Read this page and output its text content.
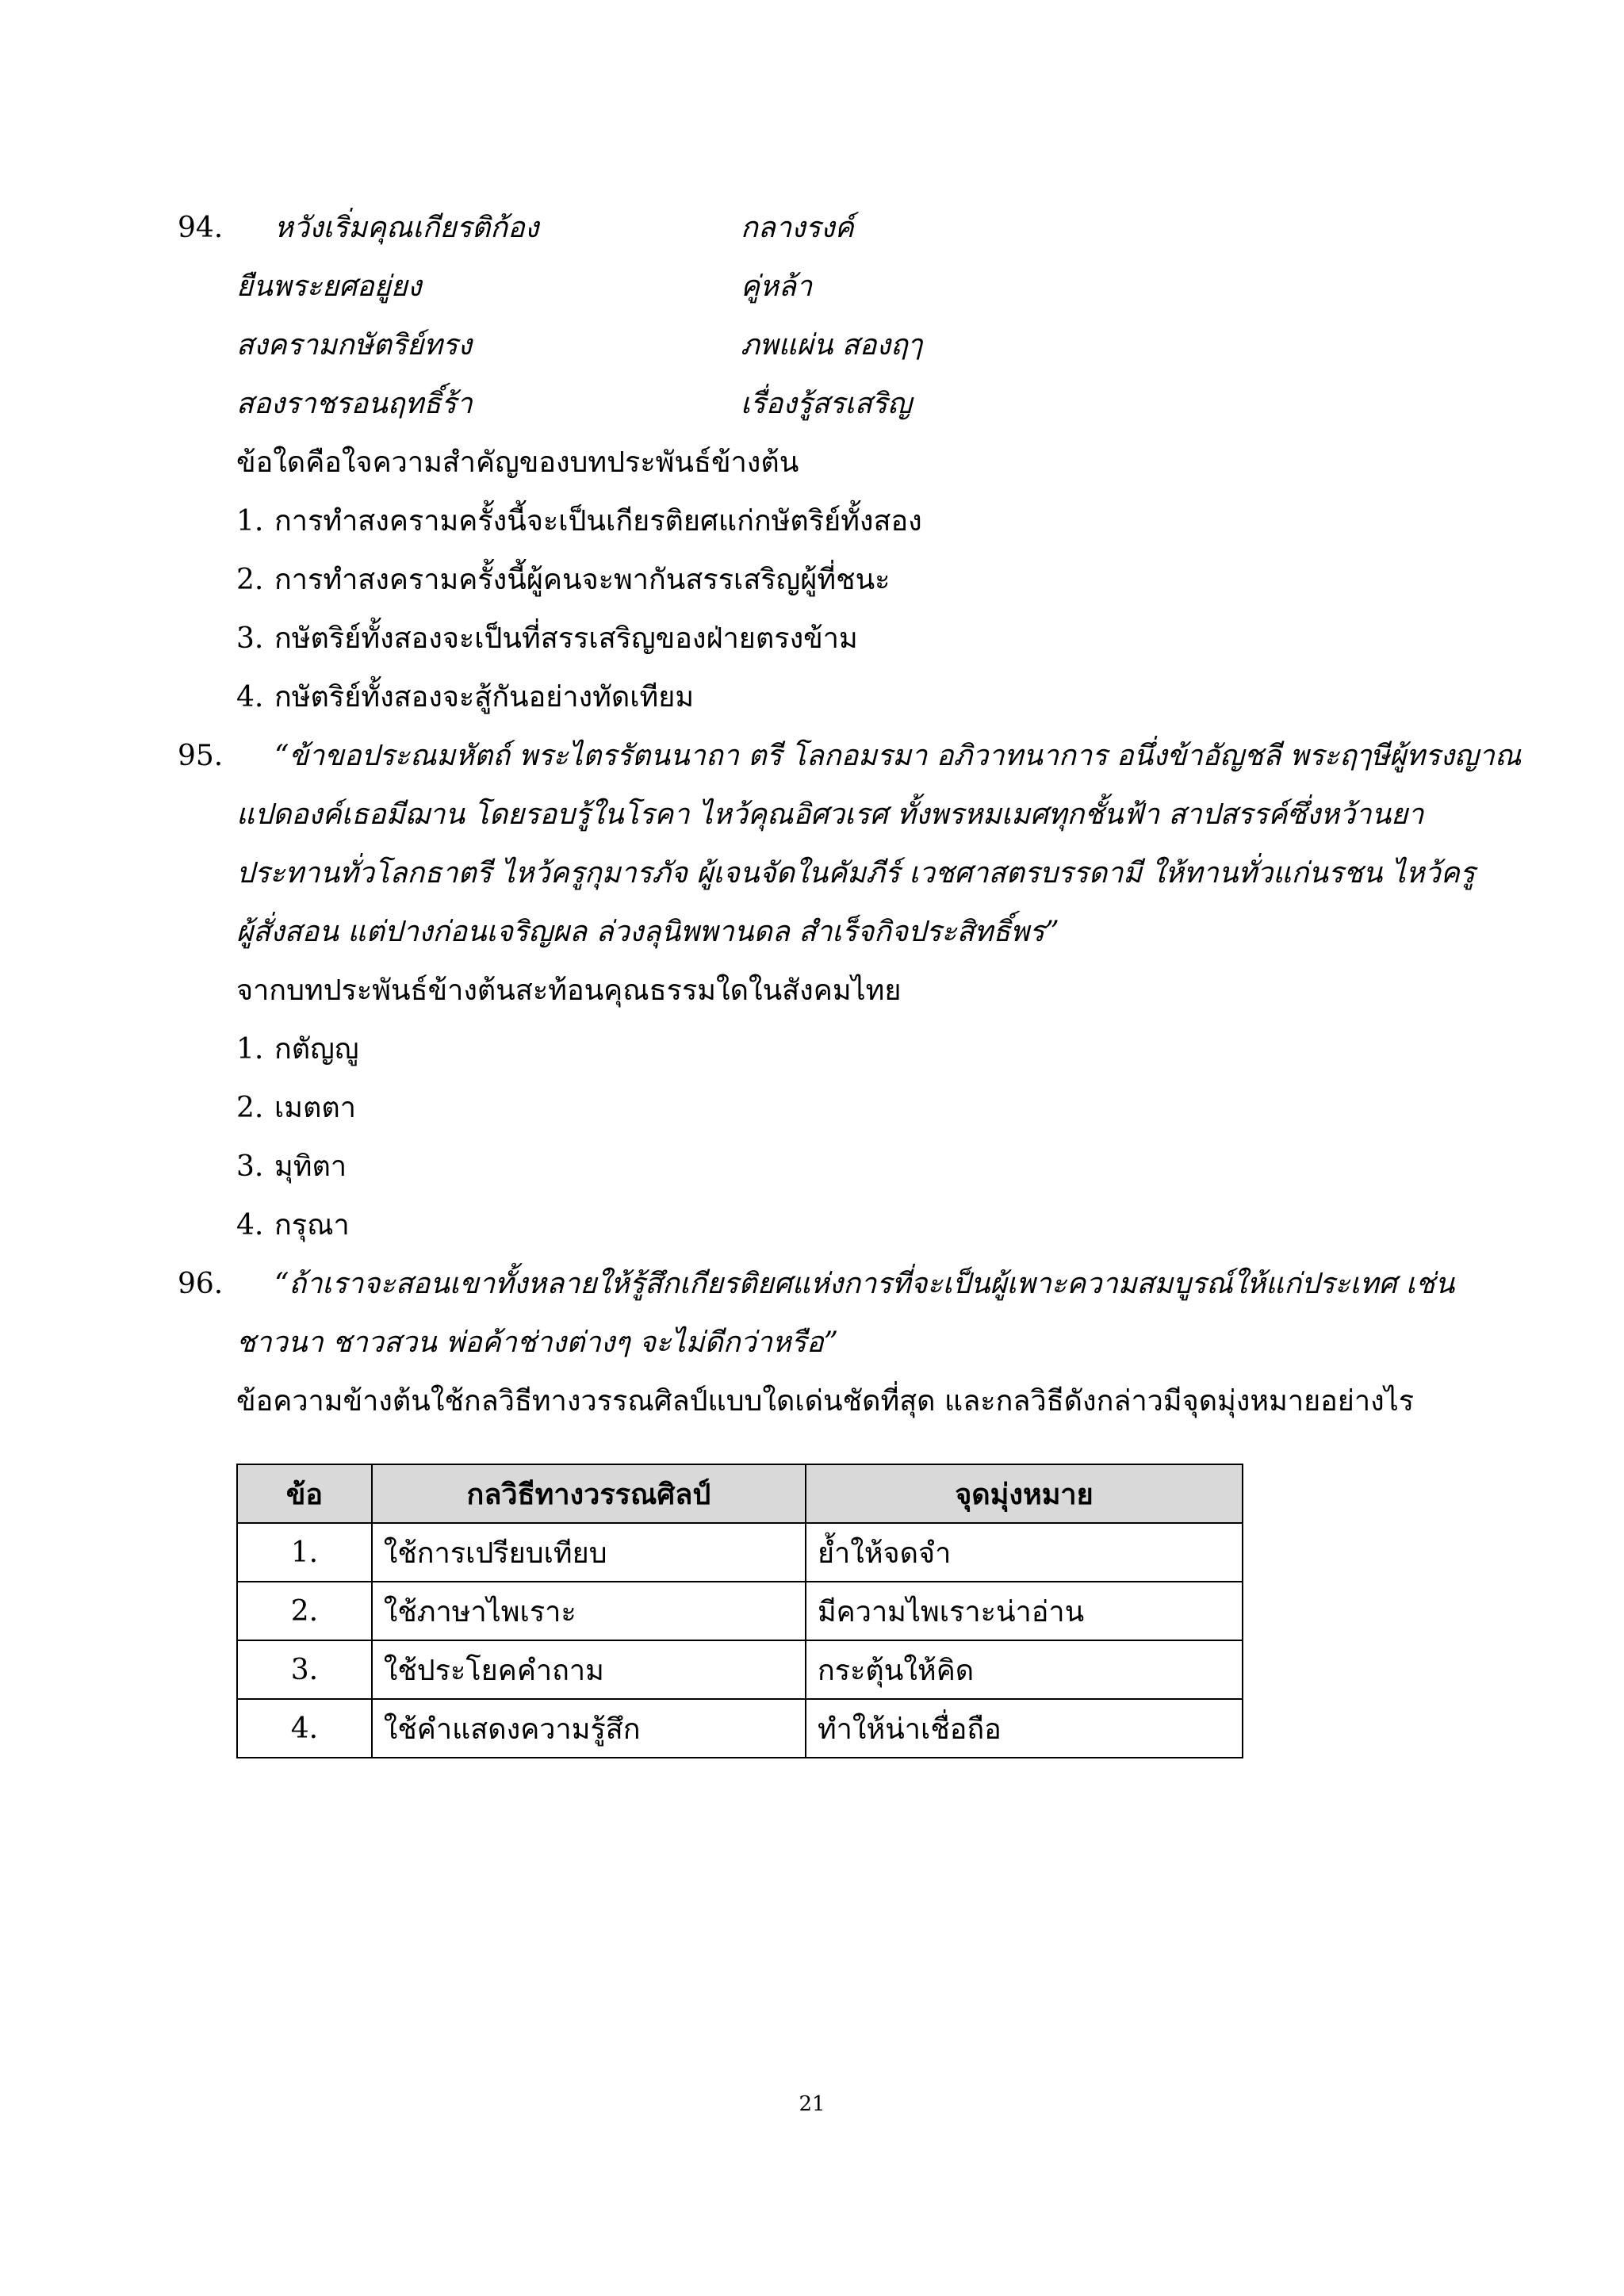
94. หวังเริ่มคุณเกียรติก้อง	กลางรงค์
ยืนพระยศอยู่ยง	คู่หล้า
สงครามกษัตริย์ทรง	ภพแผ่น สองฤๅ
สองราชรอนฤทธิ์ร้า	เรื่องรู้สรเสริญ
ข้อใดคือใจความสำคัญของบทประพันธ์ข้างต้น
1. การทำสงครามครั้งนี้จะเป็นเกียรติยศแก่กษัตริย์ทั้งสอง
2. การทำสงครามครั้งนี้ผู้คนจะพากันสรรเสริญผู้ที่ชนะ
3. กษัตริย์ทั้งสองจะเป็นที่สรรเสริญของฝ่ายตรงข้าม
4. กษัตริย์ทั้งสองจะสู้กันอย่างทัดเทียม
95. “ข้าขอประณมหัตถ์ พระไตรรัตนนาถา ตรี โลกอมรมา อภิวาทนาการ อนึ่งข้าอัญชลี พระฤๅษีผู้ทรงญาณ
แปดองค์เธอมีฌาน โดยรอบรู้ในโรคา ไหว้คุณอิศวเรศ ทั้งพรหมเมศทุกชั้นฟ้า สาปสรรค์ซึ่งหว้านยา
ประทานทั่วโลกธาตรี ไหว้ครูกุมารภัจ ผู้เจนจัดในคัมภีร์ เวชศาสตรบรรดามี ให้ทานทั่วแก่นรชน ไหว้ครู
ผู้สั่งสอน แต่ปางก่อนเจริญผล ล่วงลุนิพพานดล สำเร็จกิจประสิทธิ์พร”
จากบทประพันธ์ข้างต้นสะท้อนคุณธรรมใดในสังคมไทย
1. กตัญญู
2. เมตตา
3. มุทิตา
4. กรุณา
96. “ถ้าเราจะสอนเขาทั้งหลายให้รู้สึกเกียรติยศแห่งการที่จะเป็นผู้เพาะความสมบูรณ์ให้แก่ประเทศ เช่น
ชาวนา ชาวสวน พ่อค้าช่างต่างๆ จะไม่ดีกว่าหรือ”
ข้อความข้างต้นใช้กลวิธีทางวรรณศิลป์แบบใดเด่นชัดที่สุด และกลวิธีดังกล่าวมีจุดมุ่งหมายอย่างไร
ข้อ	กลวิธีทางวรรณศิลป์	จุดมุ่งหมาย
1.	ใช้การเปรียบเทียบ	ย้ำให้จดจำ
2.	ใช้ภาษาไพเราะ	มีความไพเราะน่าอ่าน
3.	ใช้ประโยคคำถาม	กระตุ้นให้คิด
4.	ใช้คำแสดงความรู้สึก	ทำให้น่าเชื่อถือ
21
